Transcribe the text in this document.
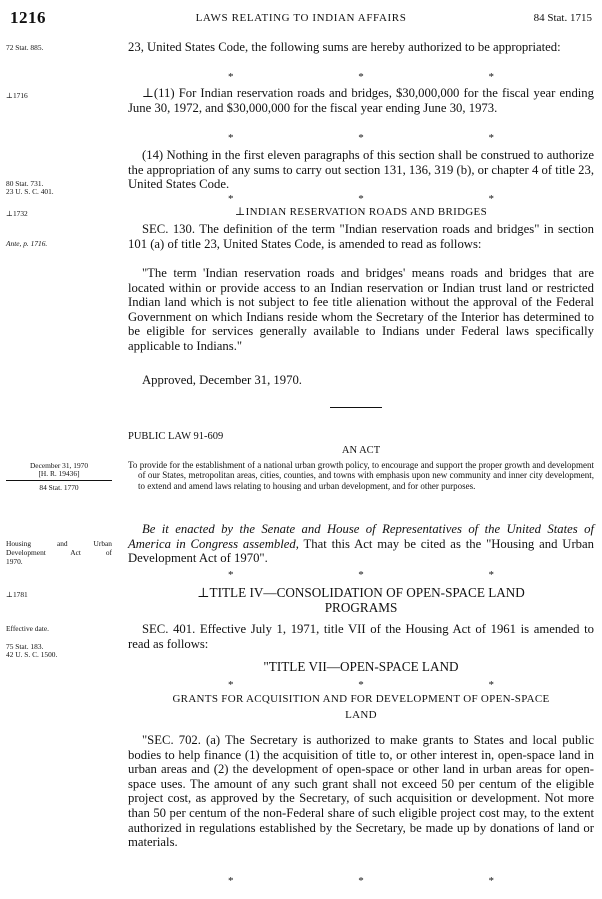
1216	LAWS RELATING TO INDIAN AFFAIRS	84 Stat. 1715
72 Stat. 885.
⊥1716
80 Stat. 731.
23 U. S. C. 401.
⊥1732
Ante, p. 1716.
December 31, 1970
[H. R. 19436]
84 Stat. 1770
Housing and Urban
Development Act of
1970.
⊥1781
Effective date.
75 Stat. 183.
42 U. S. C. 1500.

23, United States Code, the following sums are hereby authorized to be appropriated:

*	*	*

⊥(11) For Indian reservation roads and bridges, $30,000,000 for the fiscal year ending June 30, 1972, and $30,000,000 for the fiscal year ending June 30, 1973.

*	*	*

(14) Nothing in the first eleven paragraphs of this section shall be construed to authorize the appropriation of any sums to carry out section 131, 136, 319 (b), or chapter 4 of title 23, United States Code.

*	*	*

⊥INDIAN RESERVATION ROADS AND BRIDGES

SEC. 130. The definition of the term "Indian reservation roads and bridges" in section 101 (a) of title 23, United States Code, is amended to read as follows:

"The term 'Indian reservation roads and bridges' means roads and bridges that are located within or provide access to an Indian reservation or Indian trust land or restricted Indian land which is not subject to fee title alienation without the approval of the Federal Government on which Indians reside whom the Secretary of the Interior has determined to be eligible for services generally available to Indians under Federal laws specifically applicable to Indians."

Approved, December 31, 1970.

PUBLIC LAW 91-609

AN ACT

To provide for the establishment of a national urban growth policy, to encourage and support the proper growth and development of our States, metropolitan areas, cities, counties, and towns with emphasis upon new community and inner city development, to extend and amend laws relating to housing and urban development, and for other purposes.

Be it enacted by the Senate and House of Representatives of the United States of America in Congress assembled, That this Act may be cited as the "Housing and Urban Development Act of 1970".

*	*	*

⊥TITLE IV—CONSOLIDATION OF OPEN-SPACE LAND

PROGRAMS

SEC. 401. Effective July 1, 1971, title VII of the Housing Act of 1961 is amended to read as follows:

"TITLE VII—OPEN-SPACE LAND

*	*	*

GRANTS FOR ACQUISITION AND FOR DEVELOPMENT OF OPEN-SPACE

LAND

"SEC. 702. (a) The Secretary is authorized to make grants to States and local public bodies to help finance (1) the acquisition of title to, or other interest in, open-space land in urban areas and (2) the development of open-space or other land in urban areas for open-space uses. The amount of any such grant shall not exceed 50 per centum of the eligible project cost, as approved by the Secretary, of such acquisition or development. Not more than 50 per centum of the non-Federal share of such eligible project cost may, to the extent authorized in regulations established by the Secretary, be made up by donations of land or materials.

*	*	*
